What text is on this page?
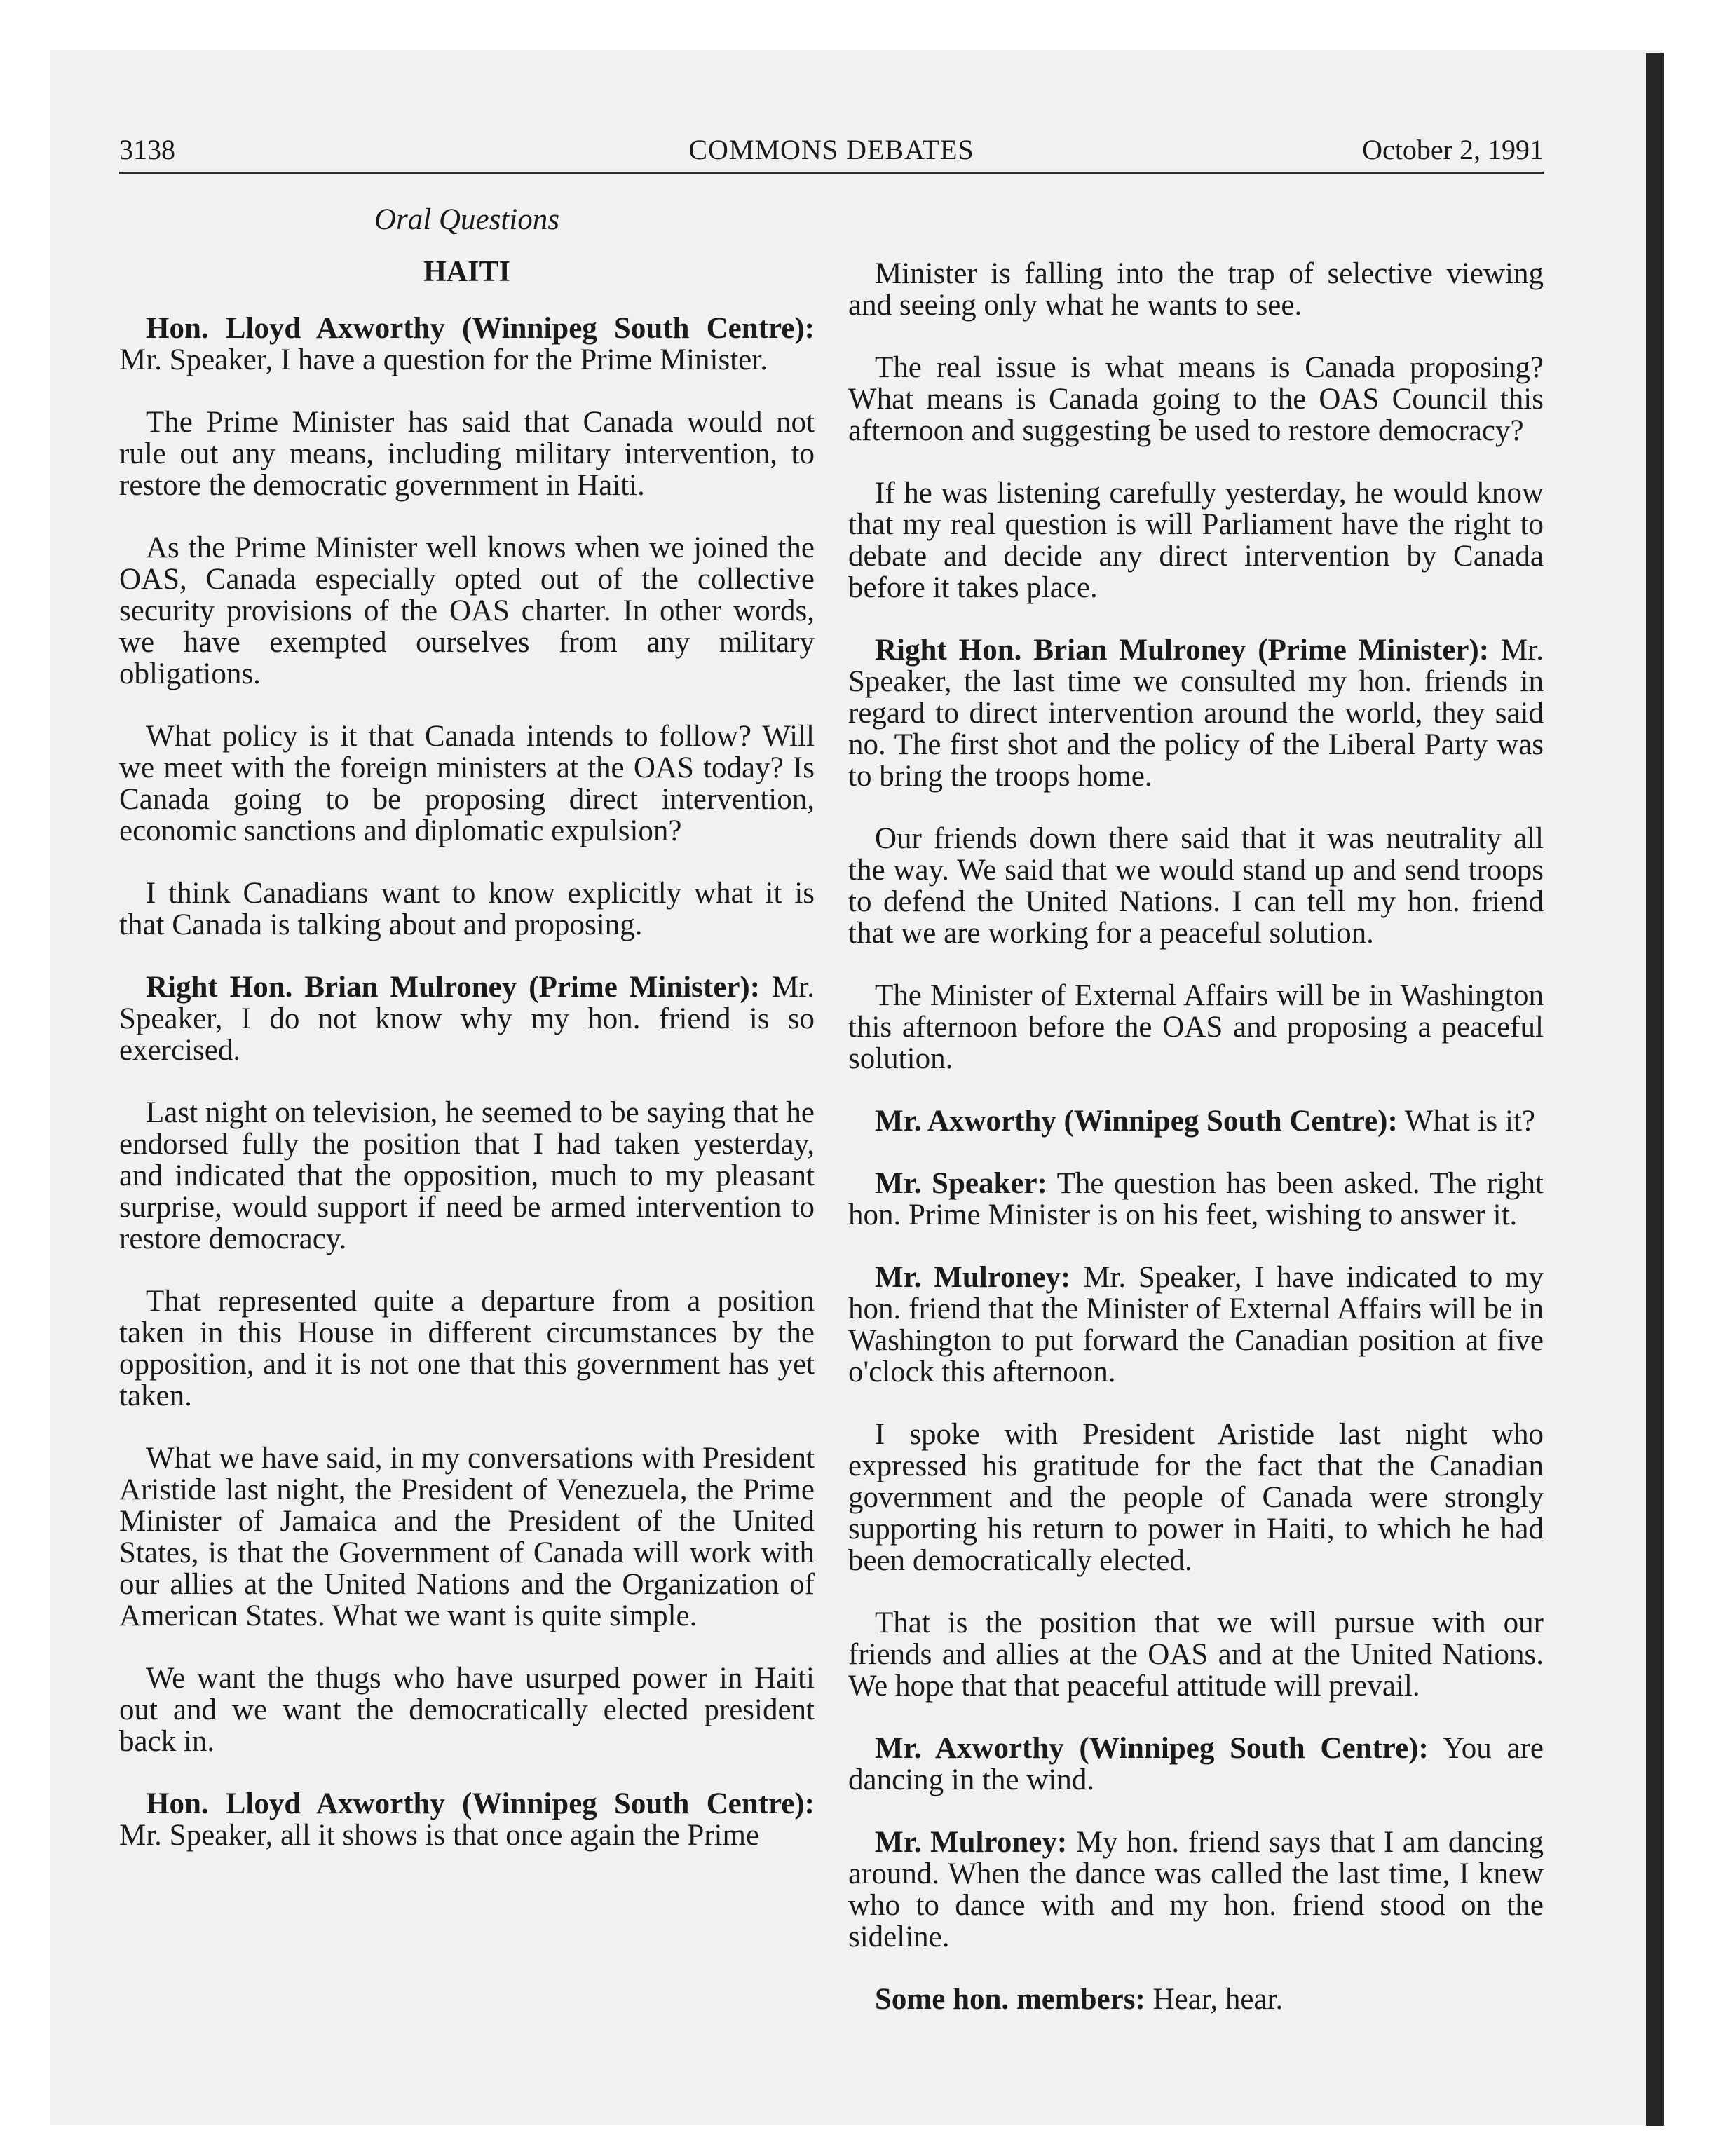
3138	COMMONS DEBATES	October 2, 1991
Oral Questions
HAITI

Hon. Lloyd Axworthy (Winnipeg South Centre): Mr. Speaker, I have a question for the Prime Minister.

The Prime Minister has said that Canada would not rule out any means, including military intervention, to restore the democratic government in Haiti.

As the Prime Minister well knows when we joined the OAS, Canada especially opted out of the collective security provisions of the OAS charter. In other words, we have exempted ourselves from any military obligations.

What policy is it that Canada intends to follow? Will we meet with the foreign ministers at the OAS today? Is Canada going to be proposing direct intervention, economic sanctions and diplomatic expulsion?

I think Canadians want to know explicitly what it is that Canada is talking about and proposing.

Right Hon. Brian Mulroney (Prime Minister): Mr. Speaker, I do not know why my hon. friend is so exercised.

Last night on television, he seemed to be saying that he endorsed fully the position that I had taken yesterday, and indicated that the opposition, much to my pleasant surprise, would support if need be armed intervention to restore democracy.

That represented quite a departure from a position taken in this House in different circumstances by the opposition, and it is not one that this government has yet taken.

What we have said, in my conversations with President Aristide last night, the President of Venezuela, the Prime Minister of Jamaica and the President of the United States, is that the Government of Canada will work with our allies at the United Nations and the Organization of American States. What we want is quite simple.

We want the thugs who have usurped power in Haiti out and we want the democratically elected president back in.

Hon. Lloyd Axworthy (Winnipeg South Centre): Mr. Speaker, all it shows is that once again the Prime

Minister is falling into the trap of selective viewing and seeing only what he wants to see.

The real issue is what means is Canada proposing? What means is Canada going to the OAS Council this afternoon and suggesting be used to restore democracy?

If he was listening carefully yesterday, he would know that my real question is will Parliament have the right to debate and decide any direct intervention by Canada before it takes place.

Right Hon. Brian Mulroney (Prime Minister): Mr. Speaker, the last time we consulted my hon. friends in regard to direct intervention around the world, they said no. The first shot and the policy of the Liberal Party was to bring the troops home.

Our friends down there said that it was neutrality all the way. We said that we would stand up and send troops to defend the United Nations. I can tell my hon. friend that we are working for a peaceful solution.

The Minister of External Affairs will be in Washington this afternoon before the OAS and proposing a peaceful solution.

Mr. Axworthy (Winnipeg South Centre): What is it?

Mr. Speaker: The question has been asked. The right hon. Prime Minister is on his feet, wishing to answer it.

Mr. Mulroney: Mr. Speaker, I have indicated to my hon. friend that the Minister of External Affairs will be in Washington to put forward the Canadian position at five o'clock this afternoon.

I spoke with President Aristide last night who expressed his gratitude for the fact that the Canadian government and the people of Canada were strongly supporting his return to power in Haiti, to which he had been democratically elected.

That is the position that we will pursue with our friends and allies at the OAS and at the United Nations. We hope that that peaceful attitude will prevail.

Mr. Axworthy (Winnipeg South Centre): You are dancing in the wind.

Mr. Mulroney: My hon. friend says that I am dancing around. When the dance was called the last time, I knew who to dance with and my hon. friend stood on the sideline.

Some hon. members: Hear, hear.
